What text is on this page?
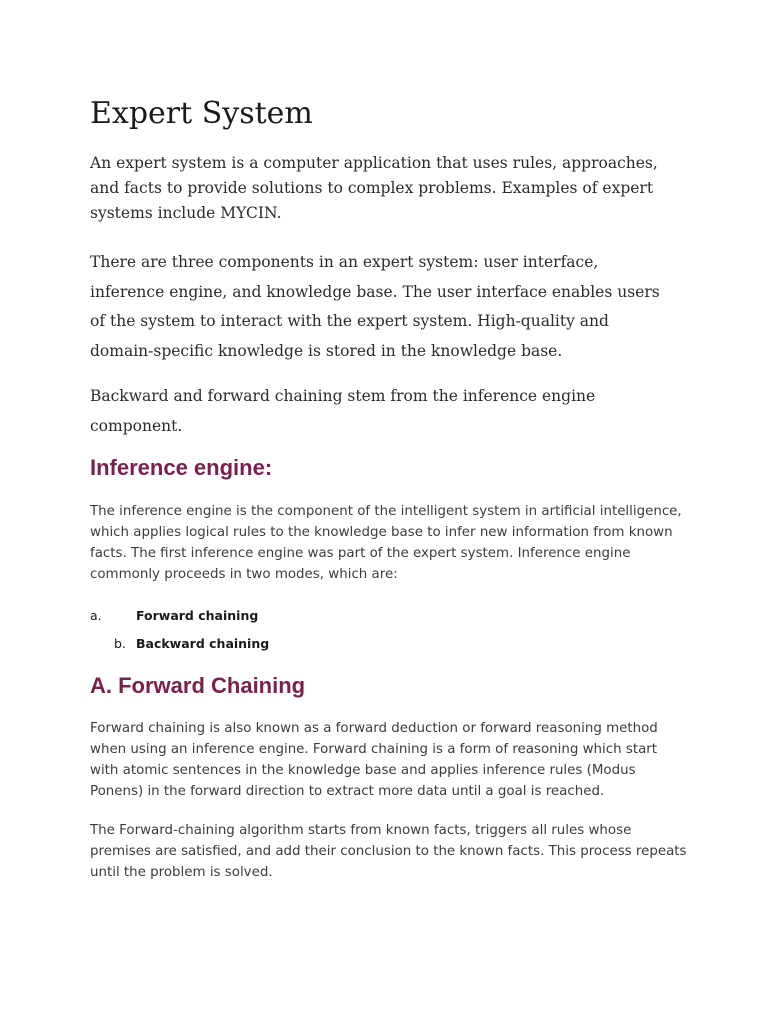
Expert System

An expert system is a computer application that uses rules, approaches,
and facts to provide solutions to complex problems. Examples of expert
systems include MYCIN.

There are three components in an expert system: user interface,
inference engine, and knowledge base. The user interface enables users
of the system to interact with the expert system. High-quality and
domain-specific knowledge is stored in the knowledge base.

Backward and forward chaining stem from the inference engine
component.

Inference engine:

The inference engine is the component of the intelligent system in artificial intelligence,
which applies logical rules to the knowledge base to infer new information from known
facts. The first inference engine was part of the expert system. Inference engine
commonly proceeds in two modes, which are:

a.	Forward chaining
b. Backward chaining
A. Forward Chaining

Forward chaining is also known as a forward deduction or forward reasoning method
when using an inference engine. Forward chaining is a form of reasoning which start
with atomic sentences in the knowledge base and applies inference rules (Modus
Ponens) in the forward direction to extract more data until a goal is reached.

The Forward-chaining algorithm starts from known facts, triggers all rules whose
premises are satisfied, and add their conclusion to the known facts. This process repeats
until the problem is solved.
